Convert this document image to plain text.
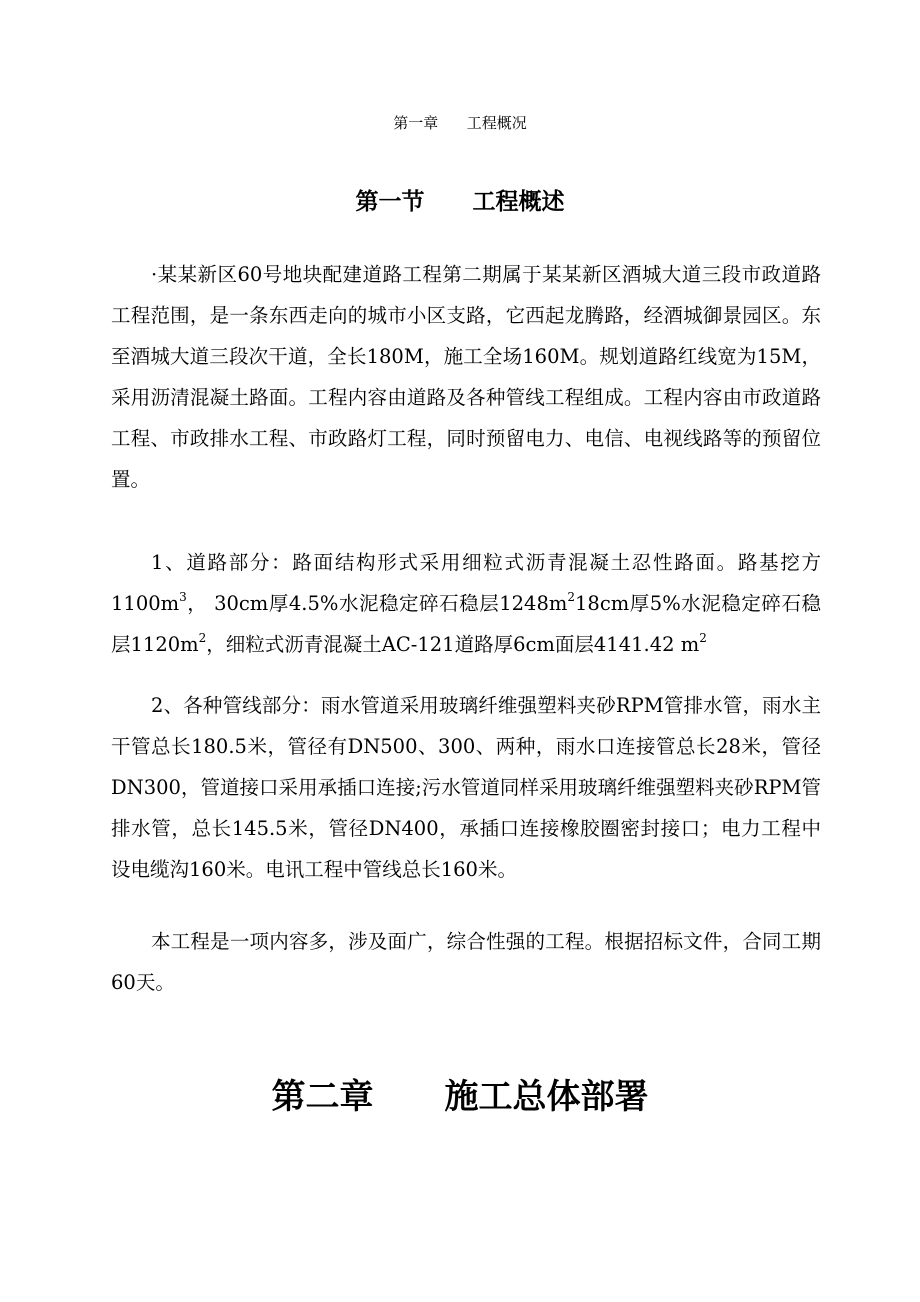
第一章      工程概况
第一节      工程概述
·某某新区60号地块配建道路工程第二期属于某某新区酒城大道三段市政道路工程范围，是一条东西走向的城市小区支路，它西起龙腾路，经酒城御景园区。东至酒城大道三段次干道，全长180M，施工全场160M。规划道路红线宽为15M，采用沥清混凝土路面。工程内容由道路及各种管线工程组成。工程内容由市政道路工程、市政排水工程、市政路灯工程，同时预留电力、电信、电视线路等的预留位置。
1、道路部分：路面结构形式采用细粒式沥青混凝土忍性路面。路基挖方$1100m^3$， 30cm厚4.5%水泥稳定碎石稳层$1248m^218cm$厚5%水泥稳定碎石稳层$1120m^2$，细粒式沥青混凝土AC-121道路厚6cm面层4141.42 $m^2$
2、各种管线部分：雨水管道采用玻璃纤维强塑料夹砂RPM管排水管，雨水主干管总长180.5米，管径有DN500、300、两种，雨水口连接管总长28米，管径DN300，管道接口采用承插口连接;污水管道同样采用玻璃纤维强塑料夹砂RPM管排水管，总长145.5米，管径DN400，承插口连接橡胶圈密封接口；电力工程中设电缆沟160米。电讯工程中管线总长160米。
本工程是一项内容多，涉及面广，综合性强的工程。根据招标文件，合同工期60天。
第二章      施工总体部署
